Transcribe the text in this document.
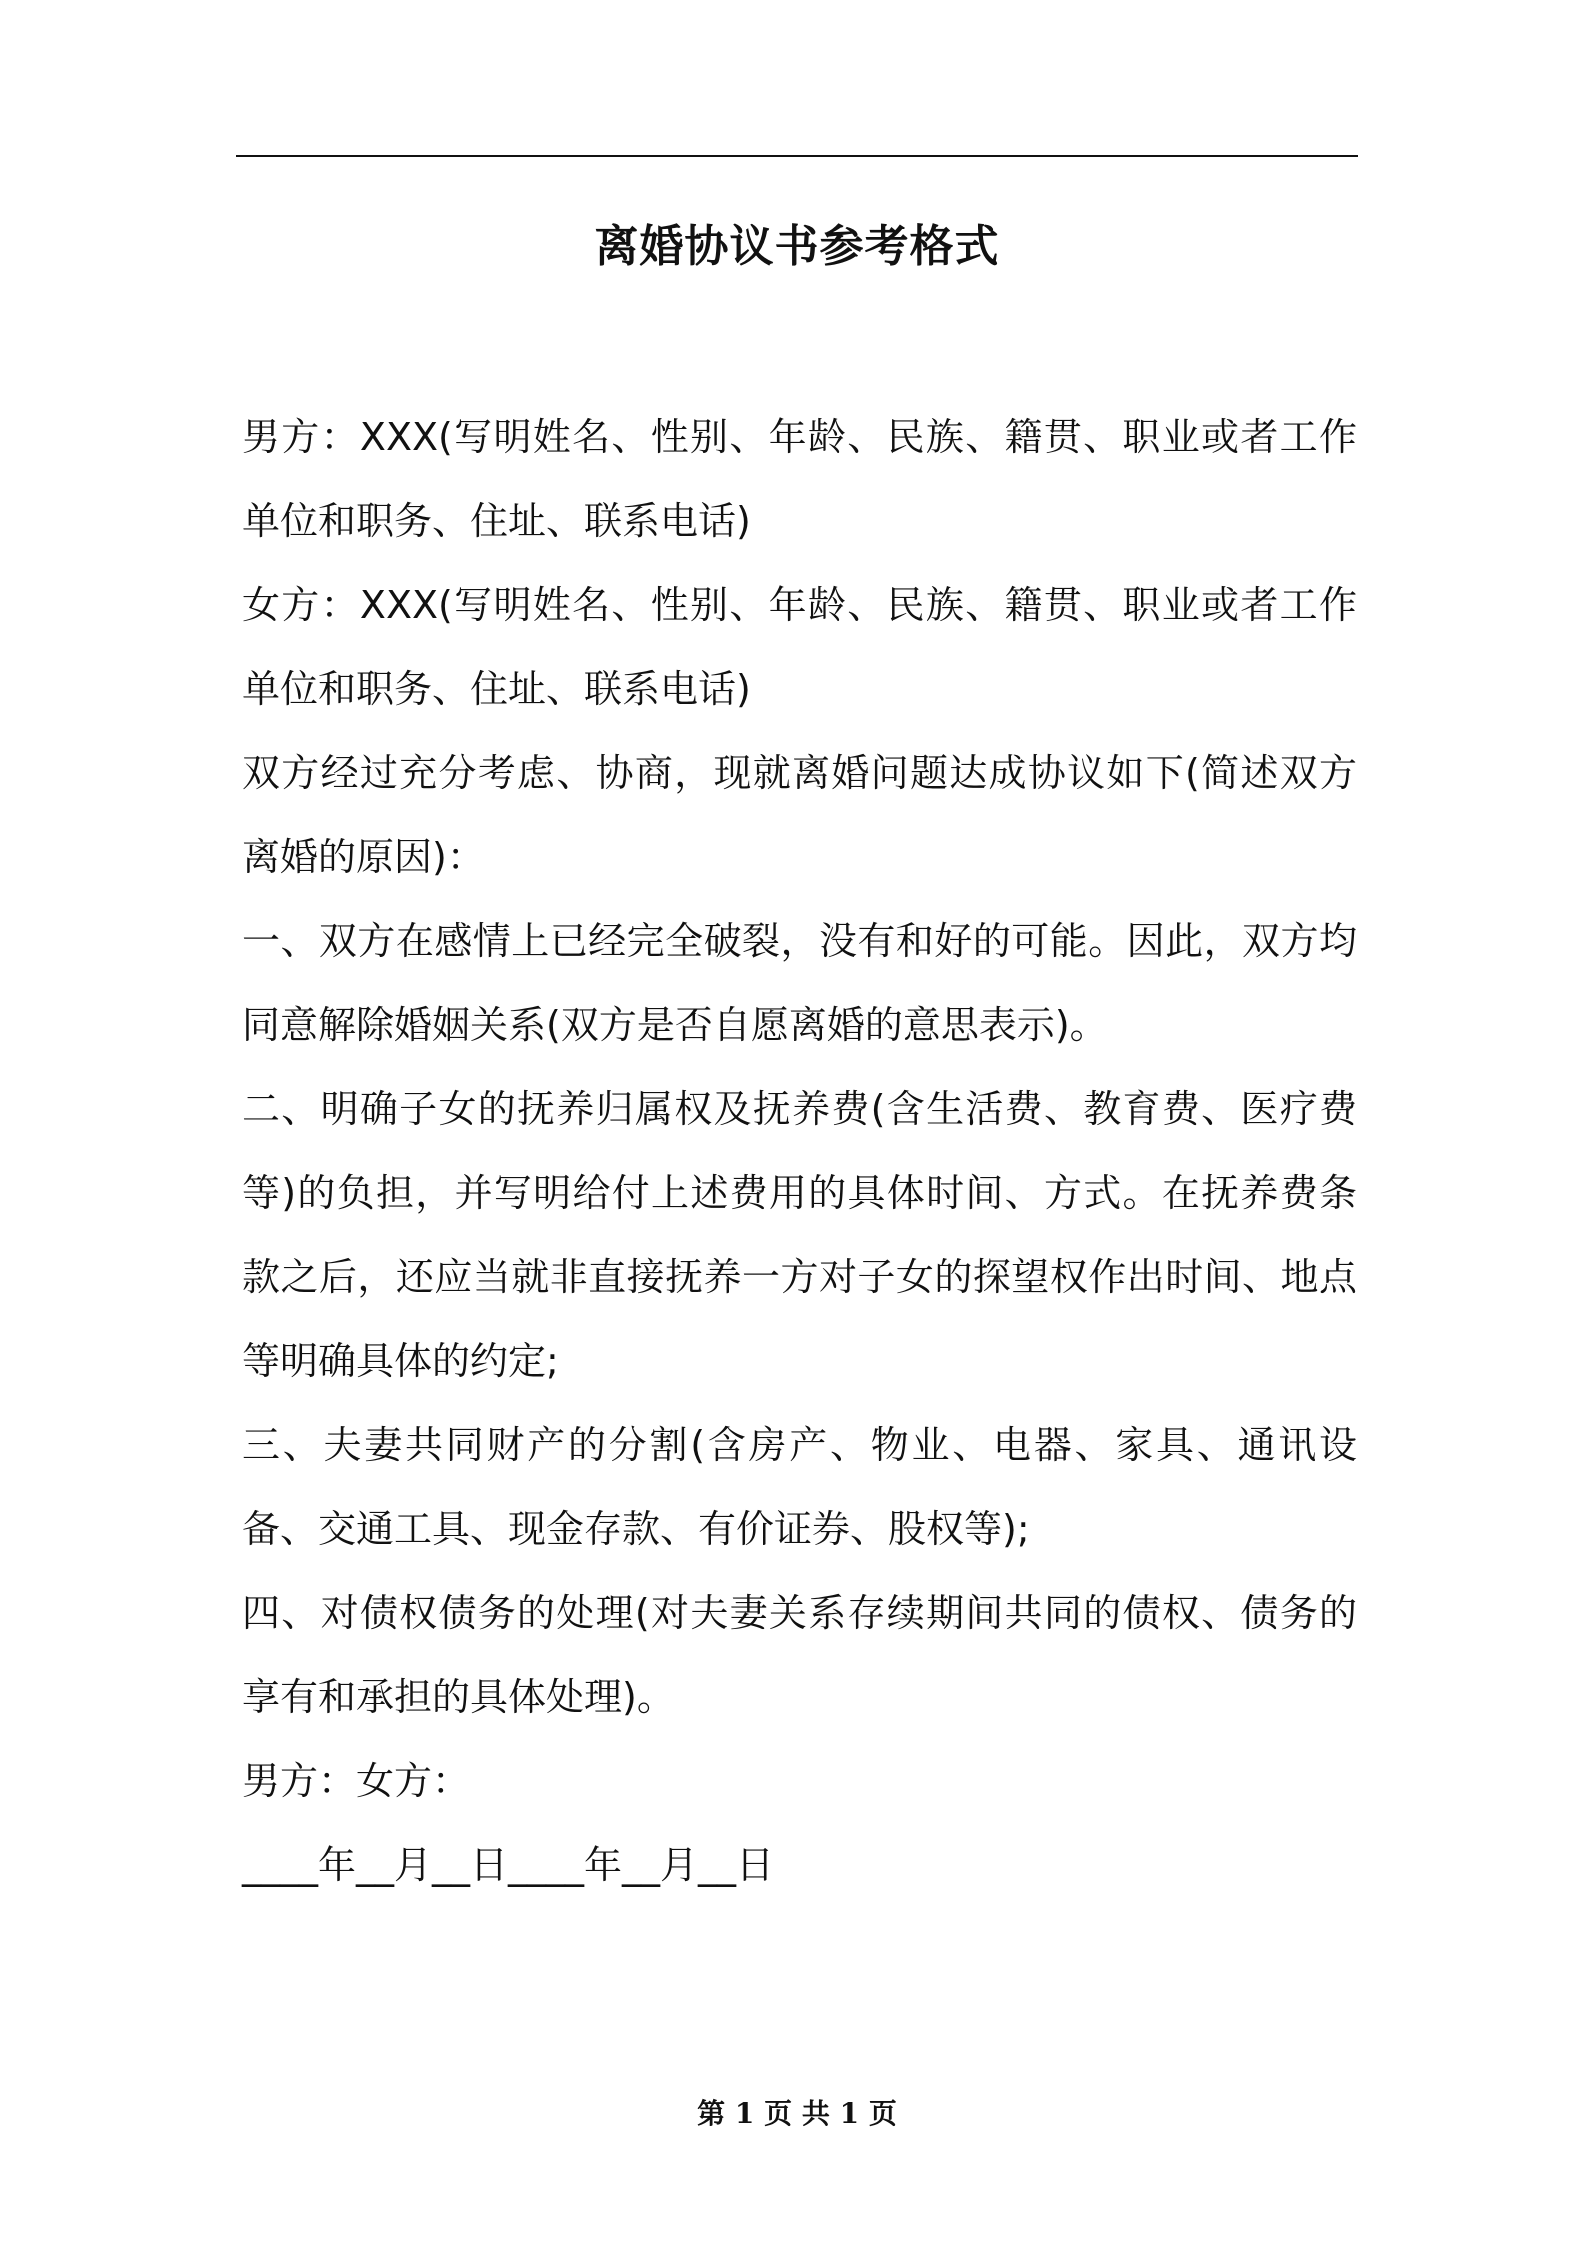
离婚协议书参考格式

男方：XXX(写明姓名、性别、年龄、民族、籍贯、职业或者工作单位和职务、住址、联系电话)

女方：XXX(写明姓名、性别、年龄、民族、籍贯、职业或者工作单位和职务、住址、联系电话)

双方经过充分考虑、协商，现就离婚问题达成协议如下(简述双方离婚的原因)：

一、双方在感情上已经完全破裂，没有和好的可能。因此，双方均同意解除婚姻关系(双方是否自愿离婚的意思表示)。

二、明确子女的抚养归属权及抚养费(含生活费、教育费、医疗费等)的负担，并写明给付上述费用的具体时间、方式。在抚养费条款之后，还应当就非直接抚养一方对子女的探望权作出时间、地点等明确具体的约定;

三、夫妻共同财产的分割(含房产、物业、电器、家具、通讯设备、交通工具、现金存款、有价证券、股权等);

四、对债权债务的处理(对夫妻关系存续期间共同的债权、债务的享有和承担的具体处理)。

男方：女方：

____年__月__日____年__月__日

第 1 页 共 1 页
